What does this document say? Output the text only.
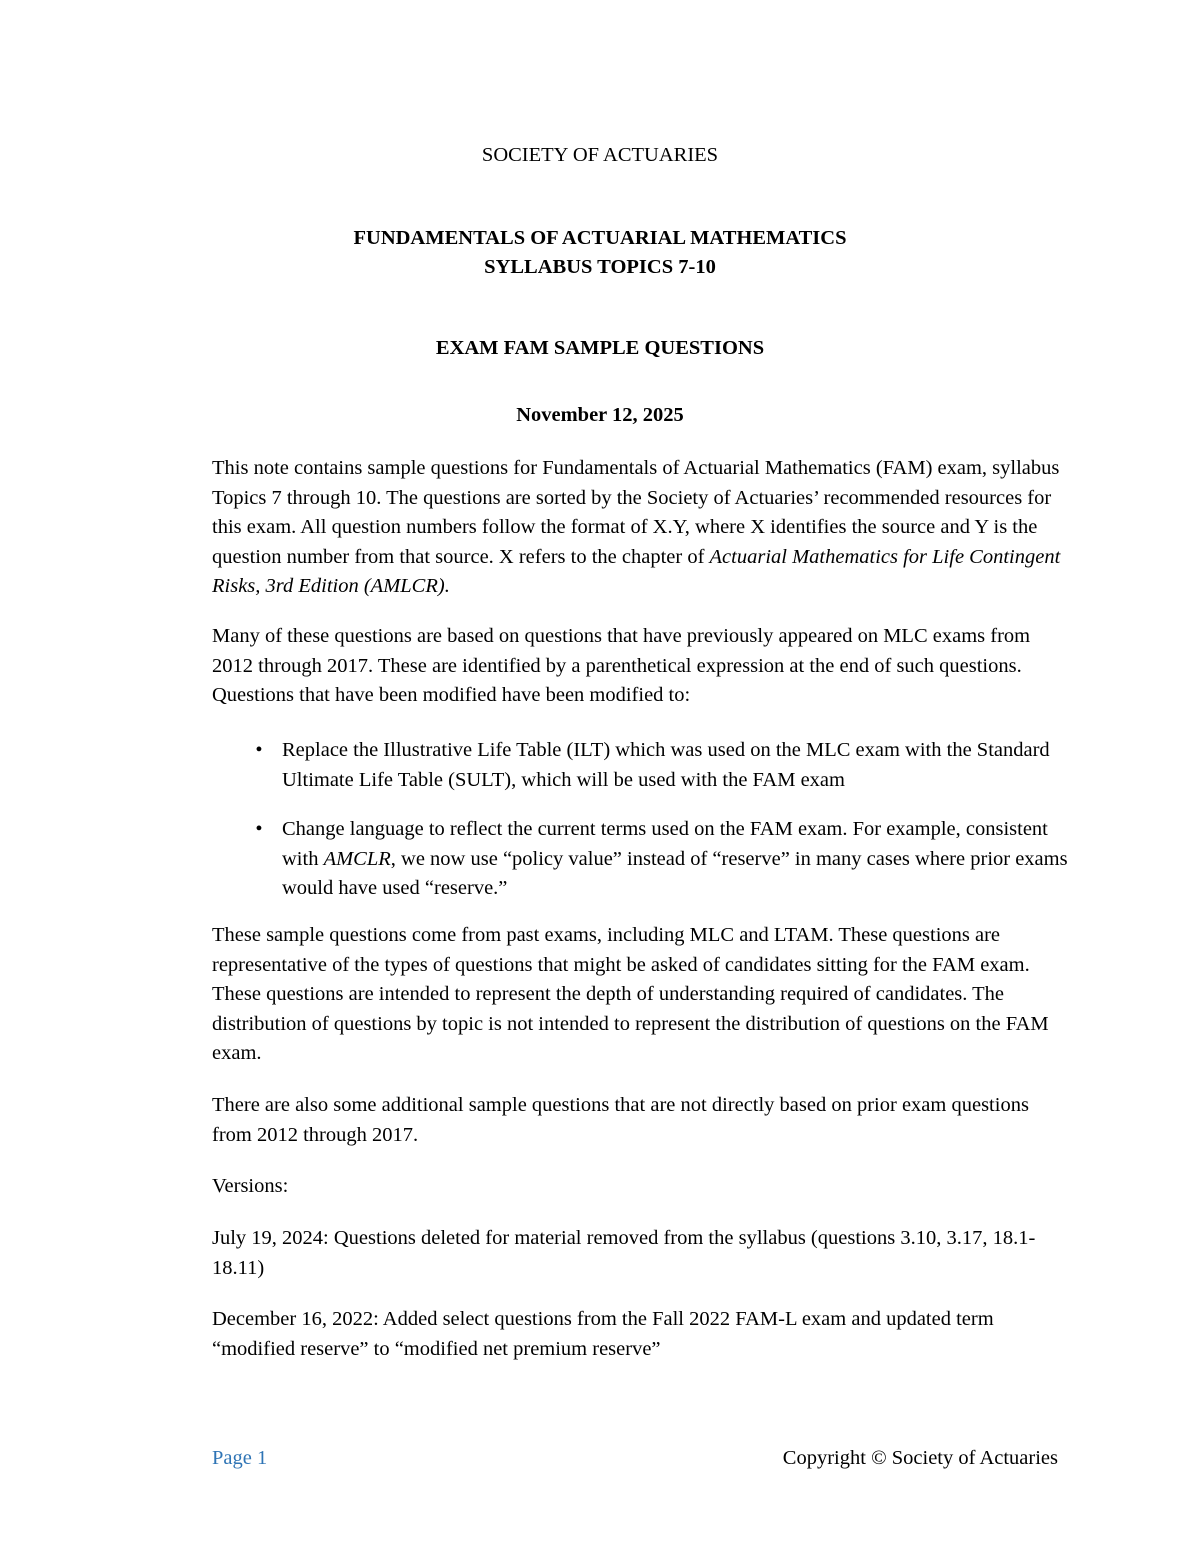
SOCIETY OF ACTUARIES

FUNDAMENTALS OF ACTUARIAL MATHEMATICS

SYLLABUS TOPICS 7-10

EXAM FAM SAMPLE QUESTIONS

November 12, 2025

This note contains sample questions for Fundamentals of Actuarial Mathematics (FAM) exam, syllabus Topics 7 through 10. The questions are sorted by the Society of Actuaries’ recommended resources for this exam. All question numbers follow the format of X.Y, where X identifies the source and Y is the question number from that source. X refers to the chapter of Actuarial Mathematics for Life Contingent Risks, 3rd Edition (AMLCR).

Many of these questions are based on questions that have previously appeared on MLC exams from 2012 through 2017. These are identified by a parenthetical expression at the end of such questions. Questions that have been modified have been modified to:

• Replace the Illustrative Life Table (ILT) which was used on the MLC exam with the Standard Ultimate Life Table (SULT), which will be used with the FAM exam
• Change language to reflect the current terms used on the FAM exam. For example, consistent with AMCLR, we now use “policy value” instead of “reserve” in many cases where prior exams would have used “reserve.”

These sample questions come from past exams, including MLC and LTAM. These questions are representative of the types of questions that might be asked of candidates sitting for the FAM exam. These questions are intended to represent the depth of understanding required of candidates. The distribution of questions by topic is not intended to represent the distribution of questions on the FAM exam.

There are also some additional sample questions that are not directly based on prior exam questions from 2012 through 2017.

Versions:

July 19, 2024: Questions deleted for material removed from the syllabus (questions 3.10, 3.17, 18.1-18.11)

December 16, 2022: Added select questions from the Fall 2022 FAM-L exam and updated term “modified reserve” to “modified net premium reserve”

Page 1	Copyright © Society of Actuaries
